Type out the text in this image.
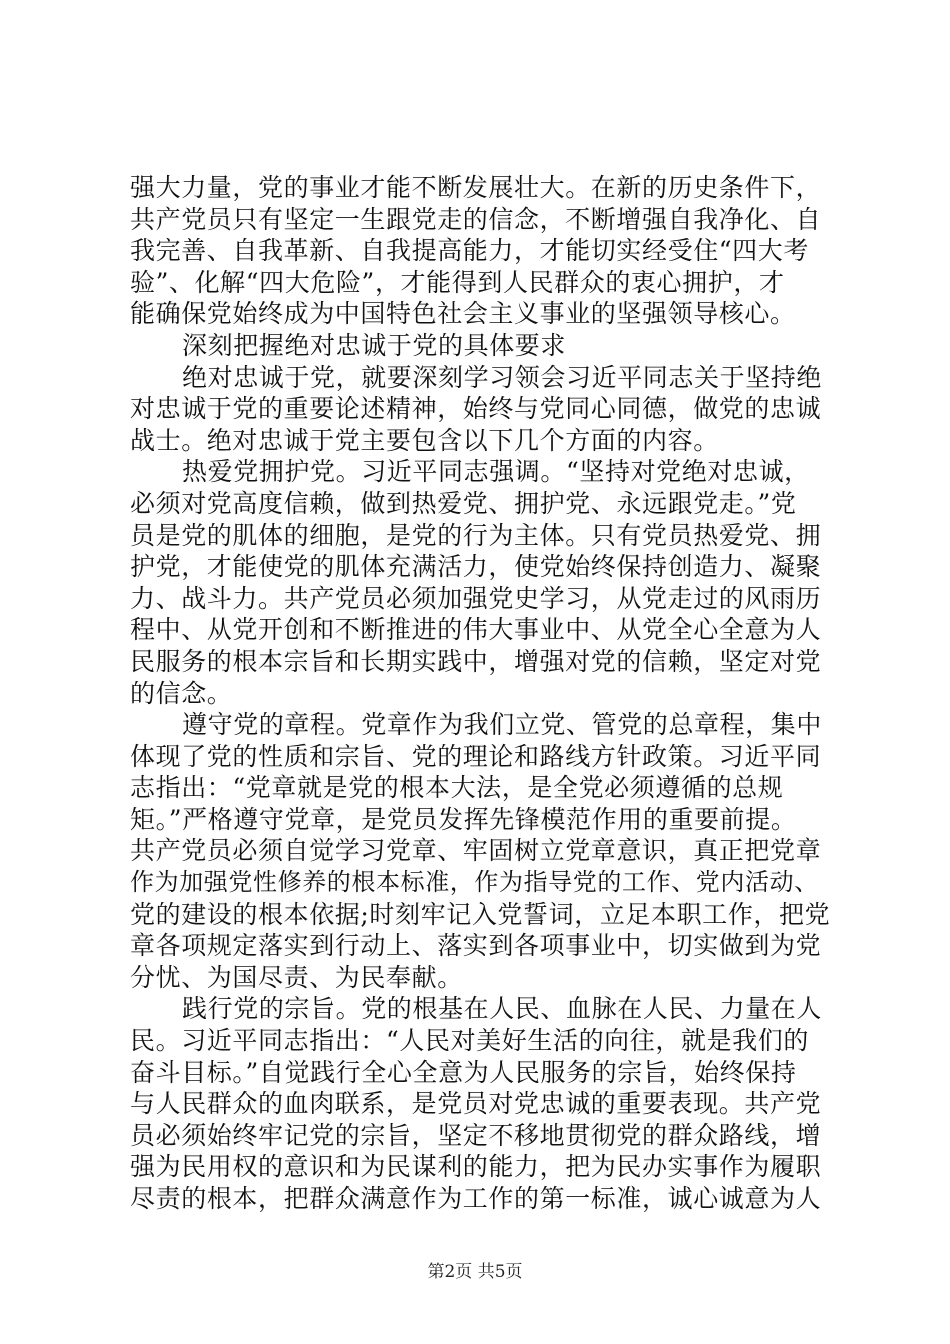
强大力量，党的事业才能不断发展壮大。在新的历史条件下，
共产党员只有坚定一生跟党走的信念，不断增强自我净化、自
我完善、自我革新、自我提高能力，才能切实经受住“四大考
验”、化解“四大危险”，才能得到人民群众的衷心拥护，才
能确保党始终成为中国特色社会主义事业的坚强领导核心。
深刻把握绝对忠诚于党的具体要求
绝对忠诚于党，就要深刻学习领会习近平同志关于坚持绝
对忠诚于党的重要论述精神，始终与党同心同德，做党的忠诚
战士。绝对忠诚于党主要包含以下几个方面的内容。
热爱党拥护党。习近平同志强调。“坚持对党绝对忠诚，
必须对党高度信赖，做到热爱党、拥护党、永远跟党走。”党
员是党的肌体的细胞，是党的行为主体。只有党员热爱党、拥
护党，才能使党的肌体充满活力，使党始终保持创造力、凝聚
力、战斗力。共产党员必须加强党史学习，从党走过的风雨历
程中、从党开创和不断推进的伟大事业中、从党全心全意为人
民服务的根本宗旨和长期实践中，增强对党的信赖，坚定对党
的信念。
遵守党的章程。党章作为我们立党、管党的总章程，集中
体现了党的性质和宗旨、党的理论和路线方针政策。习近平同
志指出：“党章就是党的根本大法，是全党必须遵循的总规
矩。”严格遵守党章，是党员发挥先锋模范作用的重要前提。
共产党员必须自觉学习党章、牢固树立党章意识，真正把党章
作为加强党性修养的根本标准，作为指导党的工作、党内活动、
党的建设的根本依据;时刻牢记入党誓词，立足本职工作，把党
章各项规定落实到行动上、落实到各项事业中，切实做到为党
分忧、为国尽责、为民奉献。
践行党的宗旨。党的根基在人民、血脉在人民、力量在人
民。习近平同志指出：“人民对美好生活的向往，就是我们的
奋斗目标。”自觉践行全心全意为人民服务的宗旨，始终保持
与人民群众的血肉联系，是党员对党忠诚的重要表现。共产党
员必须始终牢记党的宗旨，坚定不移地贯彻党的群众路线，增
强为民用权的意识和为民谋利的能力，把为民办实事作为履职
尽责的根本，把群众满意作为工作的第一标准，诚心诚意为人
第2页 共5页
